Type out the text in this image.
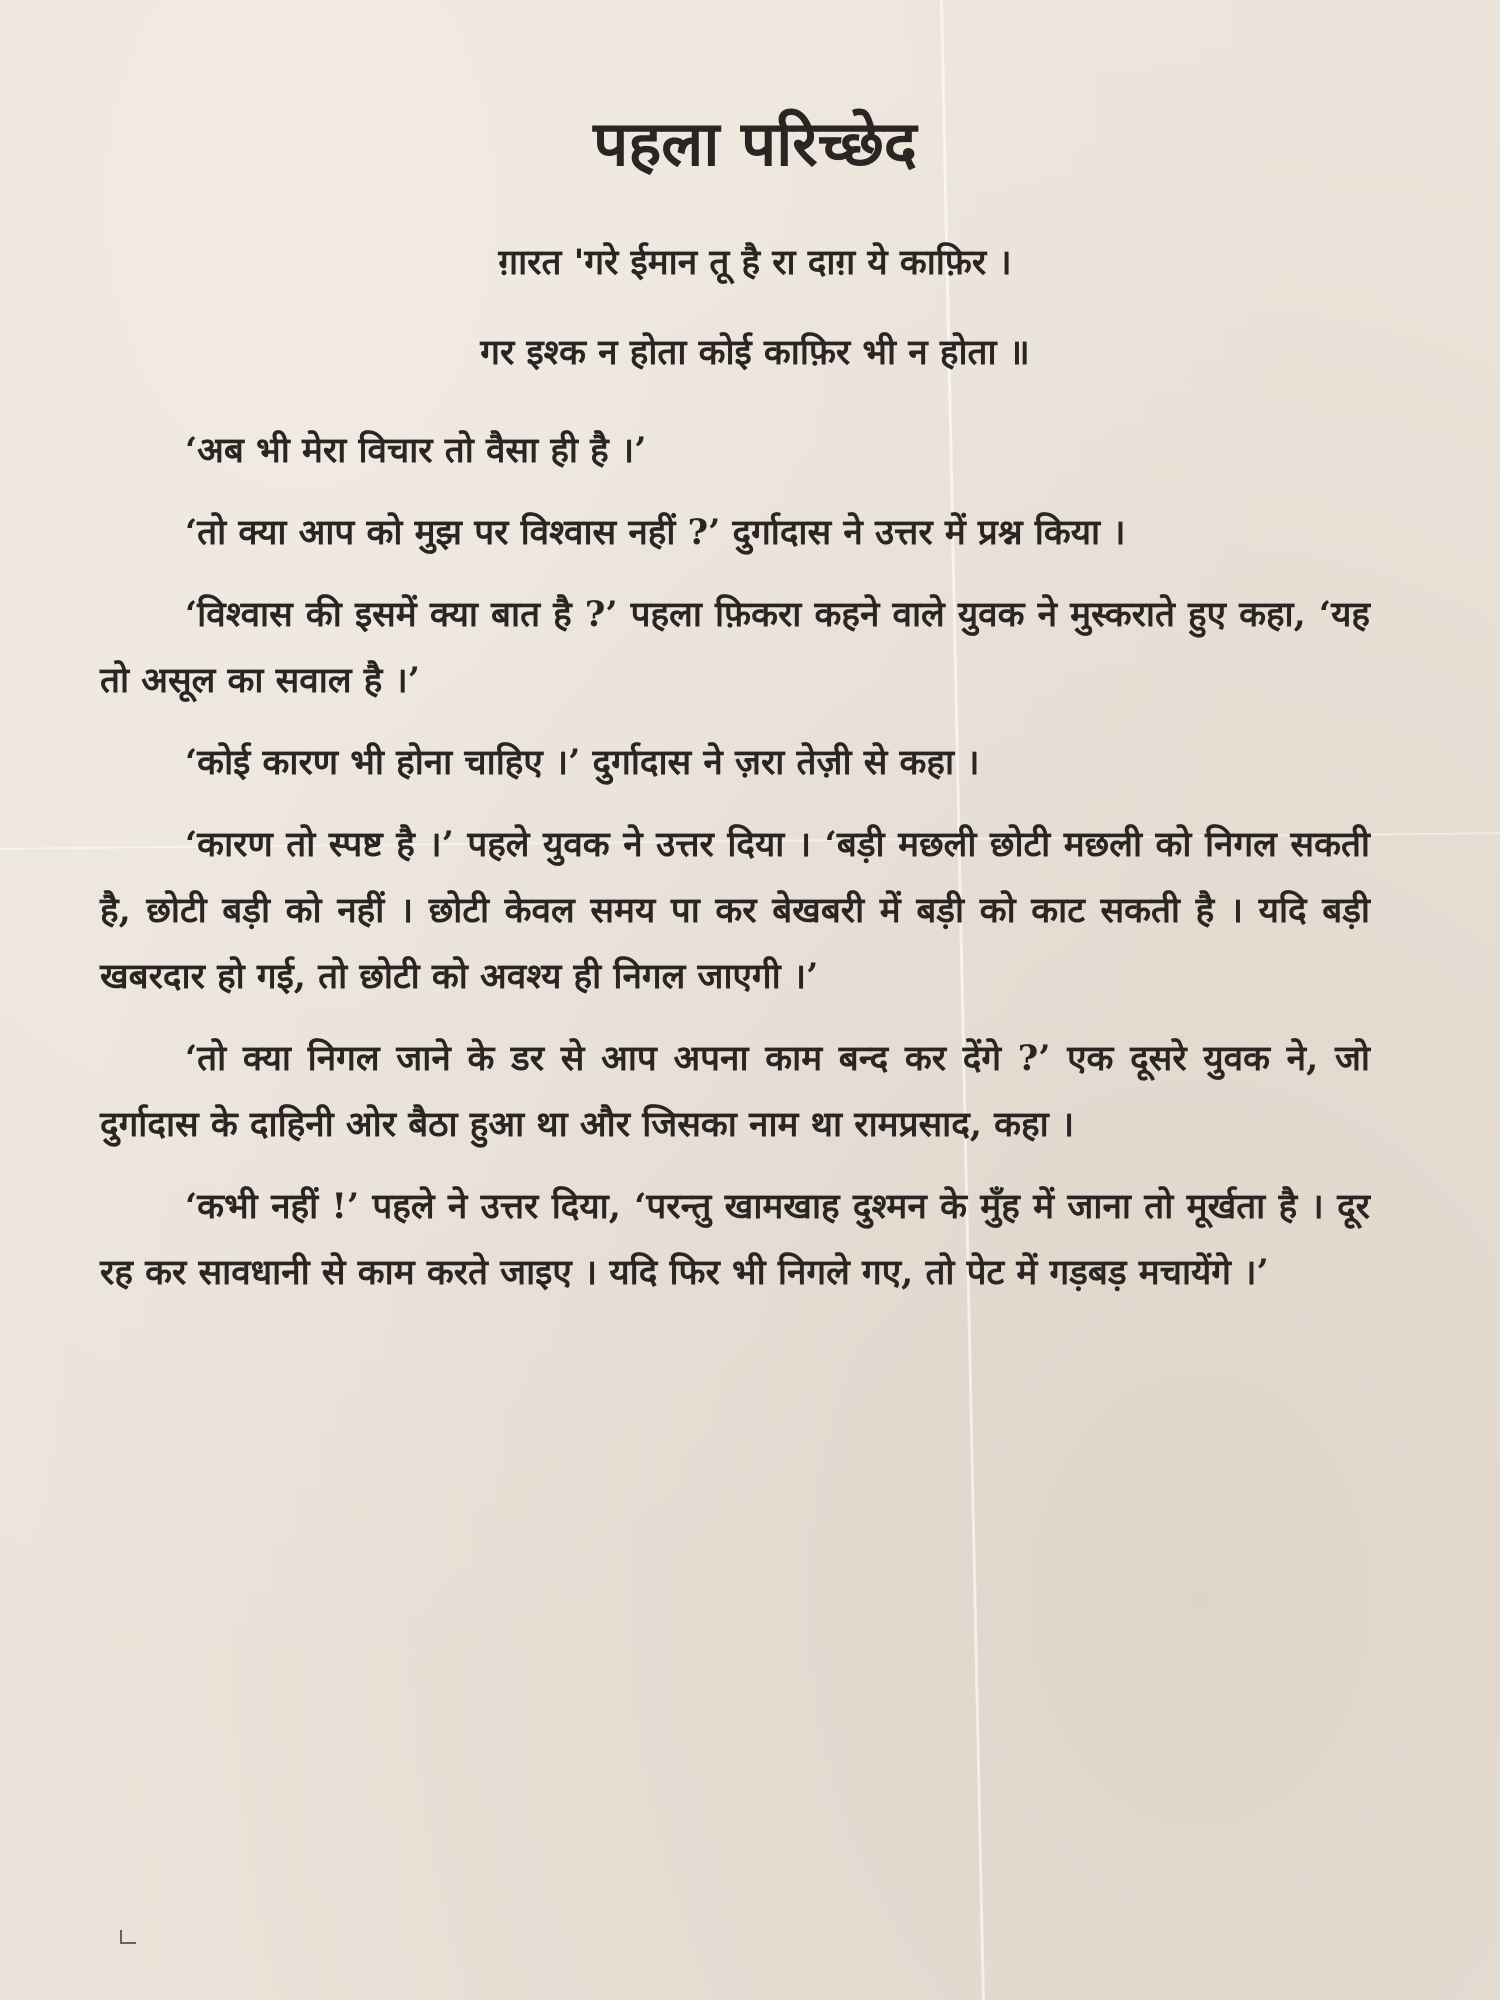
पहला परिच्छेद
ग़ारत 'गरे ईमान तू है रा दाग़ ये काफ़िर ।
गर इश्क न होता कोई काफ़िर भी न होता ॥

‘अब भी मेरा विचार तो वैसा ही है ।’

‘तो क्या आप को मुझ पर विश्वास नहीं ?’ दुर्गादास ने उत्तर में प्रश्न किया ।

‘विश्वास की इसमें क्या बात है ?’ पहला फ़िकरा कहने वाले युवक ने मुस्कराते हुए कहा, ‘यह तो असूल का सवाल है ।’

‘कोई कारण भी होना चाहिए ।’ दुर्गादास ने ज़रा तेज़ी से कहा ।

‘कारण तो स्पष्ट है ।’ पहले युवक ने उत्तर दिया । ‘बड़ी मछली छोटी मछली को निगल सकती है, छोटी बड़ी को नहीं । छोटी केवल समय पा कर बेखबरी में बड़ी को काट सकती है । यदि बड़ी खबरदार हो गई, तो छोटी को अवश्य ही निगल जाएगी ।’

‘तो क्या निगल जाने के डर से आप अपना काम बन्द कर देंगे ?’ एक दूसरे युवक ने, जो दुर्गादास के दाहिनी ओर बैठा हुआ था और जिसका नाम था रामप्रसाद, कहा ।

‘कभी नहीं !’ पहले ने उत्तर दिया, ‘परन्तु खामखाह दुश्मन के मुँह में जाना तो मूर्खता है । दूर रह कर सावधानी से काम करते जाइए । यदि फिर भी निगले गए, तो पेट में गड़बड़ मचायेंगे ।’
